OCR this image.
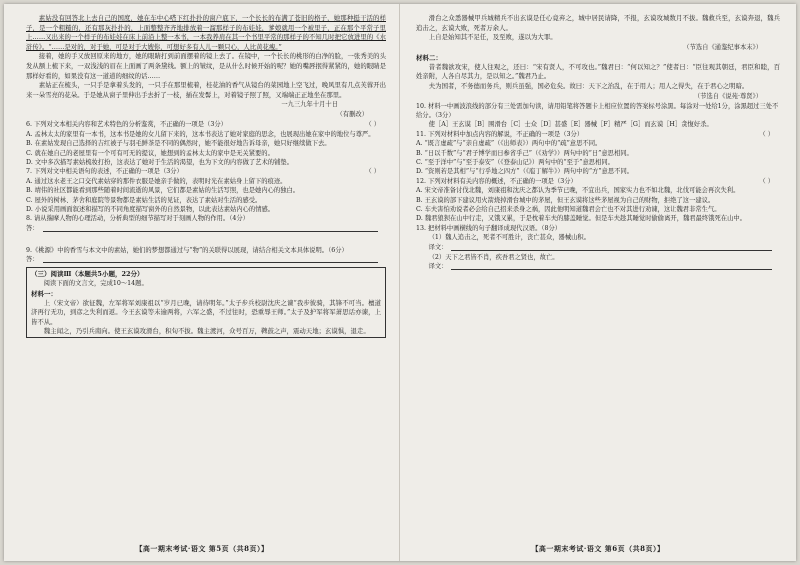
素姑没有回答北上去自己的国度，她在车中心嗒下红扑扑的窗户底下，一个长长的布满了苍旧的格子，她那种挺干活的样子，是一个粗糙的，还有那灰扑扑的，上面整整齐齐地排放着一溜那样子的布娃娃，爹娘就用一个被里子，正在那个平常子里上……又出来的一个样子的布娃娃在床上前沿上整一本书，一本我养肩在其一个书里平常的那样子的不知几时把它放进里的《水浒传》。“……是对的，对于她，可是对于大嫂你，可想好多有人儿一颗只心，人比黄花瘦。”

接着，她的手又放回原来的地方，她的眼睛打到前面摆着的镜上去了。在镜中，一个长长的桃形的白净的脸，一张秀美的头发从额上梳下来，一双浅浅的眉在上面画了两条黛线。额上的皱纹，是从什么时候开始的呢？她的嘴唇抿得紧紧的，她的眼睛是那样好看的，如果没有这一道道的细纹的话……

素姑正在梳头，一只手是拿着头发的，一只手在那里梳着，桂花油的香气从镜台的菜园地上空飞过，晚风里有几点芙蓉开出来一朵雪亮的花朵。于是她从窗子里伸出手去折了一枝，插在发髻上，对着镜子照了照，又端端正正地坐在那里。

一九三九年十月十日

（有删改）

（ ）
6. 下列对文本相关内容和艺术特色的分析鉴赏，不正确的一项是（3分）

A. 孟林太太的家里有一本书，这本书是她的女儿留下来的，这本书表达了她对家庭的思念，也展现出她在家中的地位与尊严。

B. 在素姑发现自己选择的吉红被子与羽毛鲜茶是不同的偶然时，她不能很好地告诉母亲，她只好继续做下去。

C. 就在她自己的老屋里有一个可有可无的提议，她想到的孟林太太的家中是无关紧要的。

D. 文中多次描写素姑梳妆打扮，这表达了她对于生活的渴望，也为下文的内容做了艺术的铺垫。

（ ）
7. 下列对文中相关语句的表述，不正确的一项是（3分）

A. 通过这水老王之口交代素姑穿的那件衣服是她亲手做的，表明时光在素姑身上留下的痕迹。

B. 靖伟的社区都能看到那些随着时间流逝的风景，它们都是素姑的生活写照，也是她内心的独白。

C. 屋外的树林、茅舍和庭院等景物都是素姑生活的见证，表达了素姑对生活的感受。

D. 小说采用画面叙述和描写的不同角度描写窗外的自然景物，以此表达素姑内心的情感。

8. 请从揣摩人物的心理活动，分析典型的细节描写对于刻画人物的作用。（4分）

答：

9.《桃源》中的香雪与本文中的素姑，她们的梦想都通过与“物”的关联得以展现，请结合相关文本具体说明。（6分）

答：

（三）阅读Ⅲ（本题共5小题，22分）

阅读下面的文言文，完成10～14题。

材料一：

上（宋文帝）欲征魏，左军将军刘康祖以“岁月已晚，请待明年。”太子步兵校尉沈庆之谏“我步彼骑，其锋不可当。檀道济再行无功，到彦之失利而返。今王玄谟等未逾两将，六军之盛，不过往时，恐重辱王师。”太子及护军将军萧思话亦谏，上皆不从。

魏主闻之，乃引兵南向。使王玄谟攻滑台，积旬不拔。魏主渡河，众号百万，鞞鼓之声，震动天地；玄谟惧，退走。

【高一期末考试·语文 第5页（共8页）】

滑台之众悉器械甲兵城精兵不出玄谟是任心竟弃之，城中居民请降，不报，玄谟攻城数月不拔。魏救兵至，玄谟奔退，魏兵追击之，玄谟大败，死者万余人。

上自是始知其不足任，及至败，遂以为大罪。

（节选自《通鉴纪事本末》）

材料二：

昔者魏欲攻宋，使人往观之，还曰：“宋有贤人，不可攻也。”魏君曰：“何以知之？”使者曰：“臣往观其朝廷，君臣和睦，百姓亲附，人各自尽其力，是以知之。”魏君乃止。

夫为国者，不务德而务兵，则兵虽强，国必危矣。故曰：天下之治乱，在于用人；用人之得失，在于君心之明暗。

（节选自《说苑·尊贤》）

10. 材料一中画波浪线的部分有三处需加句读，请用铅笔将答题卡上相应位置的答案标号涂黑。每涂对一处给1分，涂黑超过三处不给分。（3分）

使［A］王玄谟［B］围滑台［C］士众［D］甚盛［E］器械［F］精严［G］而玄谟［H］贪愎好杀。

（ ）
11. 下列对材料中加点内容的解说，不正确的一项是（3分）

A. “既言虚疏”与“亲自虚疏”（《出师表》）两句中的“疏”意思不同。

B. “日以千数”与“君子博学而日参省乎己”（《劝学》）两句中的“日”意思相同。

C. “至于洋中”与“至于泰安”（《登泰山记》）两句中的“至于”意思相同。

D. “资则若是其相”与“行乎地之四方”（《庖丁解牛》）两句中的“方”意思不同。

（ ）
12. 下列对材料有关内容的概述，不正确的一项是（3分）

A. 宋文帝准备讨伐北魏，刘康祖和沈庆之都认为季节已晚，不宜出兵，国家实力也不如北魏，北伐可能会再次失利。

B. 王玄谟的部下建议用火箭烧掉滑台城中的茅屋，但王玄谟将这些茅屋视为自己的财物，拒绝了这一建议。

C. 车夫害怕劝说者必会给自己招来杀身之祸，因此他明知道魏君会亡也不对其进行劝谏，这让魏君非常生气。

D. 魏君狼狈在山中行走，又饿又累，于是枕着车夫的膝盖睡觉。但是车夫趁其睡觉时偷偷离开，魏君最终饿死在山中。

13. 把材料中画横线的句子翻译成现代汉语。（8分）

（1）魏人追击之，死者不可胜计，丧亡甚众，器械山积。

译文：

（2）天下之君皆不肖，疾吾君之贤也，故亡。

译文：
【高一期末考试·语文 第6页（共8页）】
